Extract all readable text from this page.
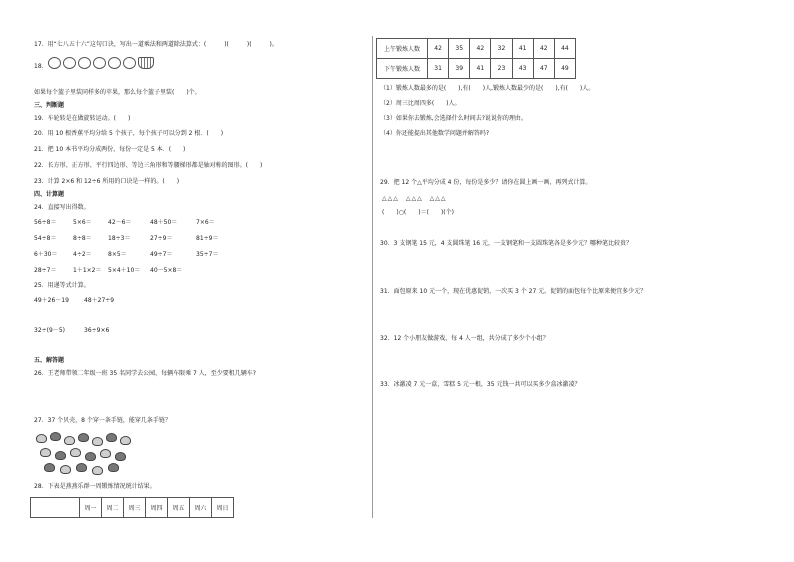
17．用“七八五十六”这句口诀，写出一道乘法和两道除法算式：(　　　)(　　　)(　　　)。
18．
如果每个篮子里装同样多的苹果，那么每个篮子里装(　　)个。
三、判断题
19．车轮转是在做旋转运动。(　　)
20．用 10 根香蕉平均分给 5 个孩子，每个孩子可以分到 2 根．(　　)
21．把 10 本书平均分成两份，每份一定是 5 本．(　　)
22．长方形、正方形、平行四边形、等边三角形和等腰梯形都是轴对称的图形。(　　)
23．计算 2×6 和 12÷6 所用的口诀是一样的。(　　)
四、计算题
24．直接写出得数。
56÷8＝	5×6＝	42－6＝	48＋50＝	7×6＝
54÷8＝	8÷8＝	18÷3＝	27÷9＝	81÷9＝
6＋30＝	4÷2＝	8×5＝	49÷7＝	35÷7＝
28÷7＝	1＋1×2＝ 5×4＋10＝ 40－5×8＝
25．用递等式计算。
49＋26－19	48＋27÷9
32÷(9－5)	36÷9×6
五、解答题
26．王老师带领二年级一班 35 名同学去公园，每辆车限乘 7 人，至少要租几辆车?
27．37 个贝壳，8 个穿一条手链，能穿几条手链？
28．下表是燕燕乐群一周锻炼情况统计结果。
	周一	周二	周三	周四	周五	周六	周日
上午锻炼人数	42	35	42	32	41	42	44
下午锻炼人数	31	39	41	23	43	47	49
（1）锻炼人数最多的是(　　),有(　　)人,锻炼人数最少的是(　　),有(　　)人。
（2）周三比周四多(　　)人。
（3）如果你去锻炼,会选择什么时间去?说说你的理由。
（4）你还能提出其他数学问题并解答吗?
29．把 12 个△平均分成 4 份，每份是多少？请你在圆上画一画，再列式计算。
△△△　△△△　△△△
(　　)○(　　)＝(　　)(个)
30．3 支钢笔 15 元，4 支圆珠笔 16 元，一支钢笔和一支圆珠笔各是多少元？哪种笔比较贵？
31．面包原来 10 元一个，现在优惠促销，一次买 3 个 27 元。促销的面包每个比原来便宜多少元？
32．12 个小朋友做游戏，每 4 人一组，共分成了多少个小组？
33．冰激凌 7 元一盒，雪糕 5 元一根，35 元钱一共可以买多少盒冰激凌？
